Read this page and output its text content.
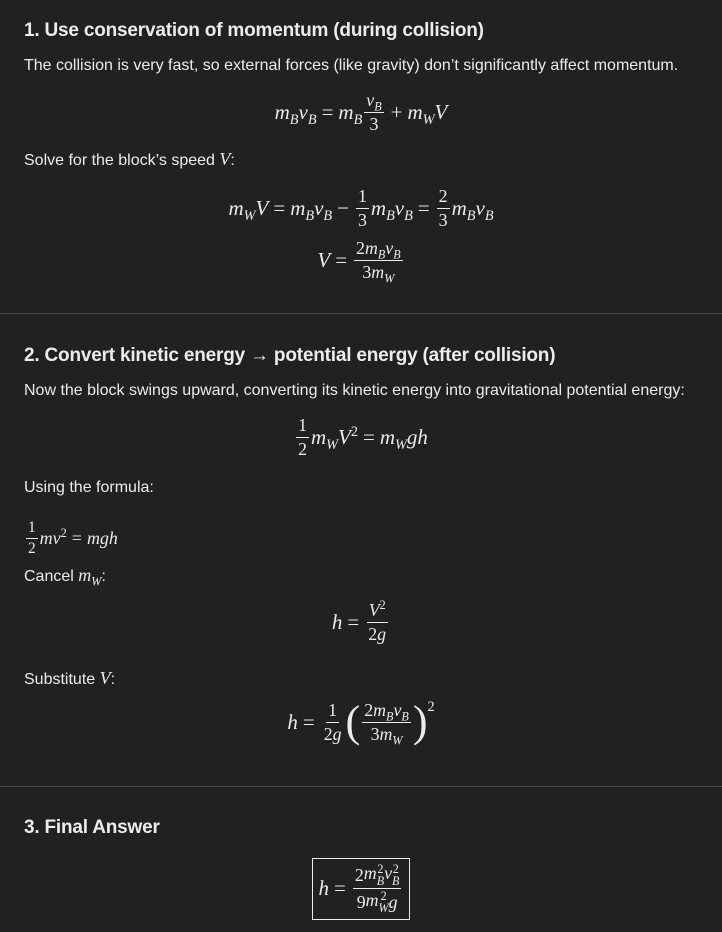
1. Use conservation of momentum (during collision)
The collision is very fast, so external forces (like gravity) don’t significantly affect momentum.
$m_B$ $v_B = m_B \frac{v_B}{3} + m_W$ V
Solve for the block’s speed V:
$m_W$ $V = m_B$ $v_B - \frac{1}{3} m_B$ $v_B = \frac{2}{3} m_B$ $v_B$
$V = \frac{2 m_B v_B}{3 m_W}$
2. Convert kinetic energy → potential energy (after collision)
Now the block swings upward, converting its kinetic energy into gravitational potential energy:
$\frac{1}{2} m_W$ $V^2 = m_W$ gh
Using the formula:
$\frac{1}{2}$ m $v^2$ = mgh
Cancel $m_W$:
$h = \frac{V^2}{2 g}$
Substitute V:
$h = \frac{1}{2 g}$ ( $\frac{2 m_B v_B}{3 m_W} )^2$
3. Final Answer
h = 2 m 2
B v 2
B
9 m 2
W g
